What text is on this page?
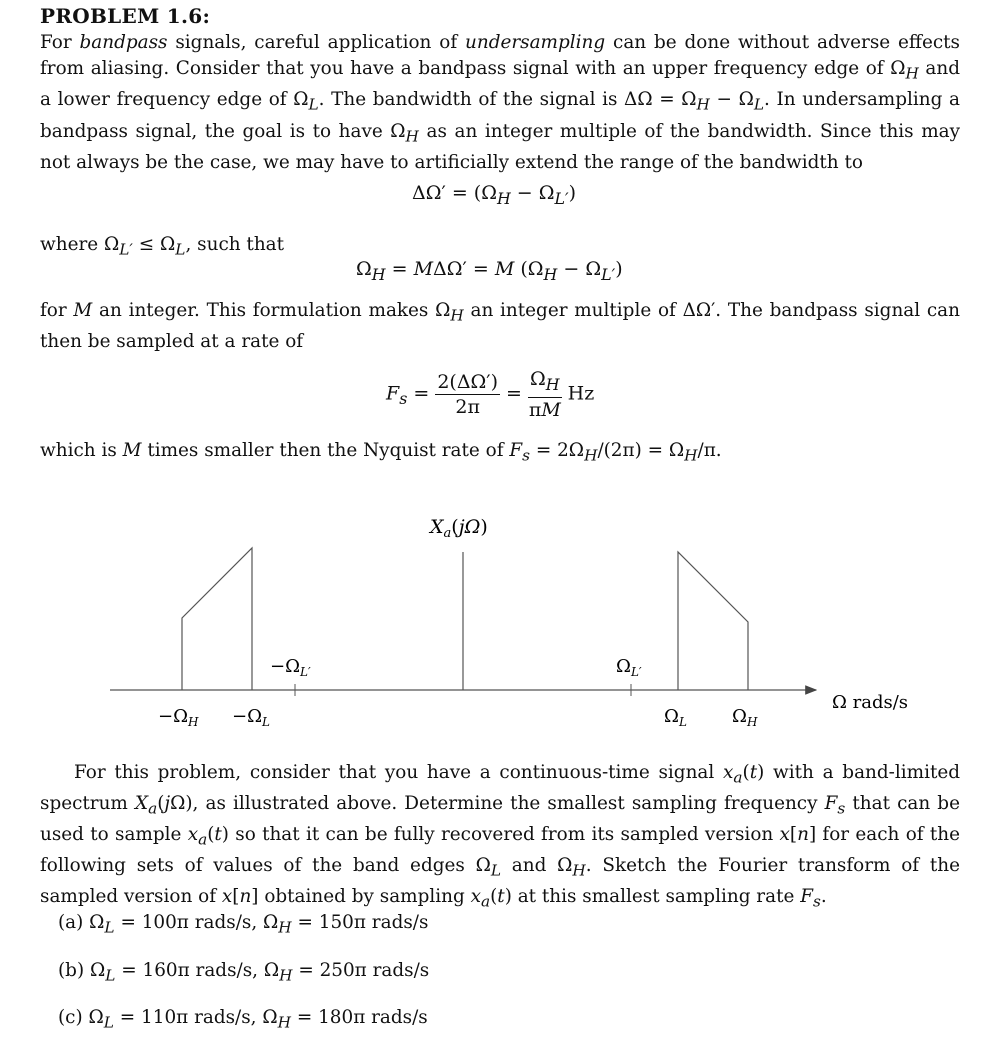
PROBLEM 1.6:
For bandpass signals, careful application of undersampling can be done without adverse effects from aliasing. Consider that you have a bandpass signal with an upper frequency edge of $\Omega_H$ and a lower frequency edge of $\Omega_L$. The bandwidth of the signal is $\Delta\Omega = \Omega_H - \Omega_L$. In undersampling a bandpass signal, the goal is to have $\Omega_H$ as an integer multiple of the bandwidth. Since this may not always be the case, we may have to artificially extend the range of the bandwidth to
$\Delta\Omega' = (\Omega_H - \Omega_{L'})$
where $\Omega_{L'} \le \Omega_L$, such that
$\Omega_H = M\Delta\Omega' = M$ $(\Omega_H - \Omega_{L'})$
for M an integer. This formulation makes $\Omega_H$ an integer multiple of ΔΩ′. The bandpass signal can then be sampled at a rate of
$F_s = \frac{2(\Delta\Omega')}{2\pi} = \frac{\Omega_H}{\pi M}$ Hz
which is M times smaller then the Nyquist rate of $F_s = 2\Omega_H/(2\pi) = \Omega_H/\pi$.
$X_a(j\Omega)$
$-\Omega_{L'}$	$\Omega_{L'}$
$-\Omega_H -\Omega_L$	$\Omega_L$	$\Omega_H$
Ω rads/s
For this problem, consider that you have a continuous-time signal $x_a(t)$ with a band-limited spectrum $X_a(j\Omega)$, as illustrated above. Determine the smallest sampling frequency $F_s$ that can be used to sample $x_a(t)$ so that it can be fully recovered from its sampled version x[n] for each of the following sets of values of the band edges $\Omega_L$ and $\Omega_H$. Sketch the Fourier transform of the sampled version of x[n] obtained by sampling $x_a(t)$ at this smallest sampling rate $F_s$.
(a) $\Omega_L = 100\pi$ rads/s, $\Omega_H = 150\pi$ rads/s
(b) $\Omega_L = 160\pi$ rads/s, $\Omega_H = 250\pi$ rads/s
(c) $\Omega_L = 110\pi$ rads/s, $\Omega_H = 180\pi$ rads/s
